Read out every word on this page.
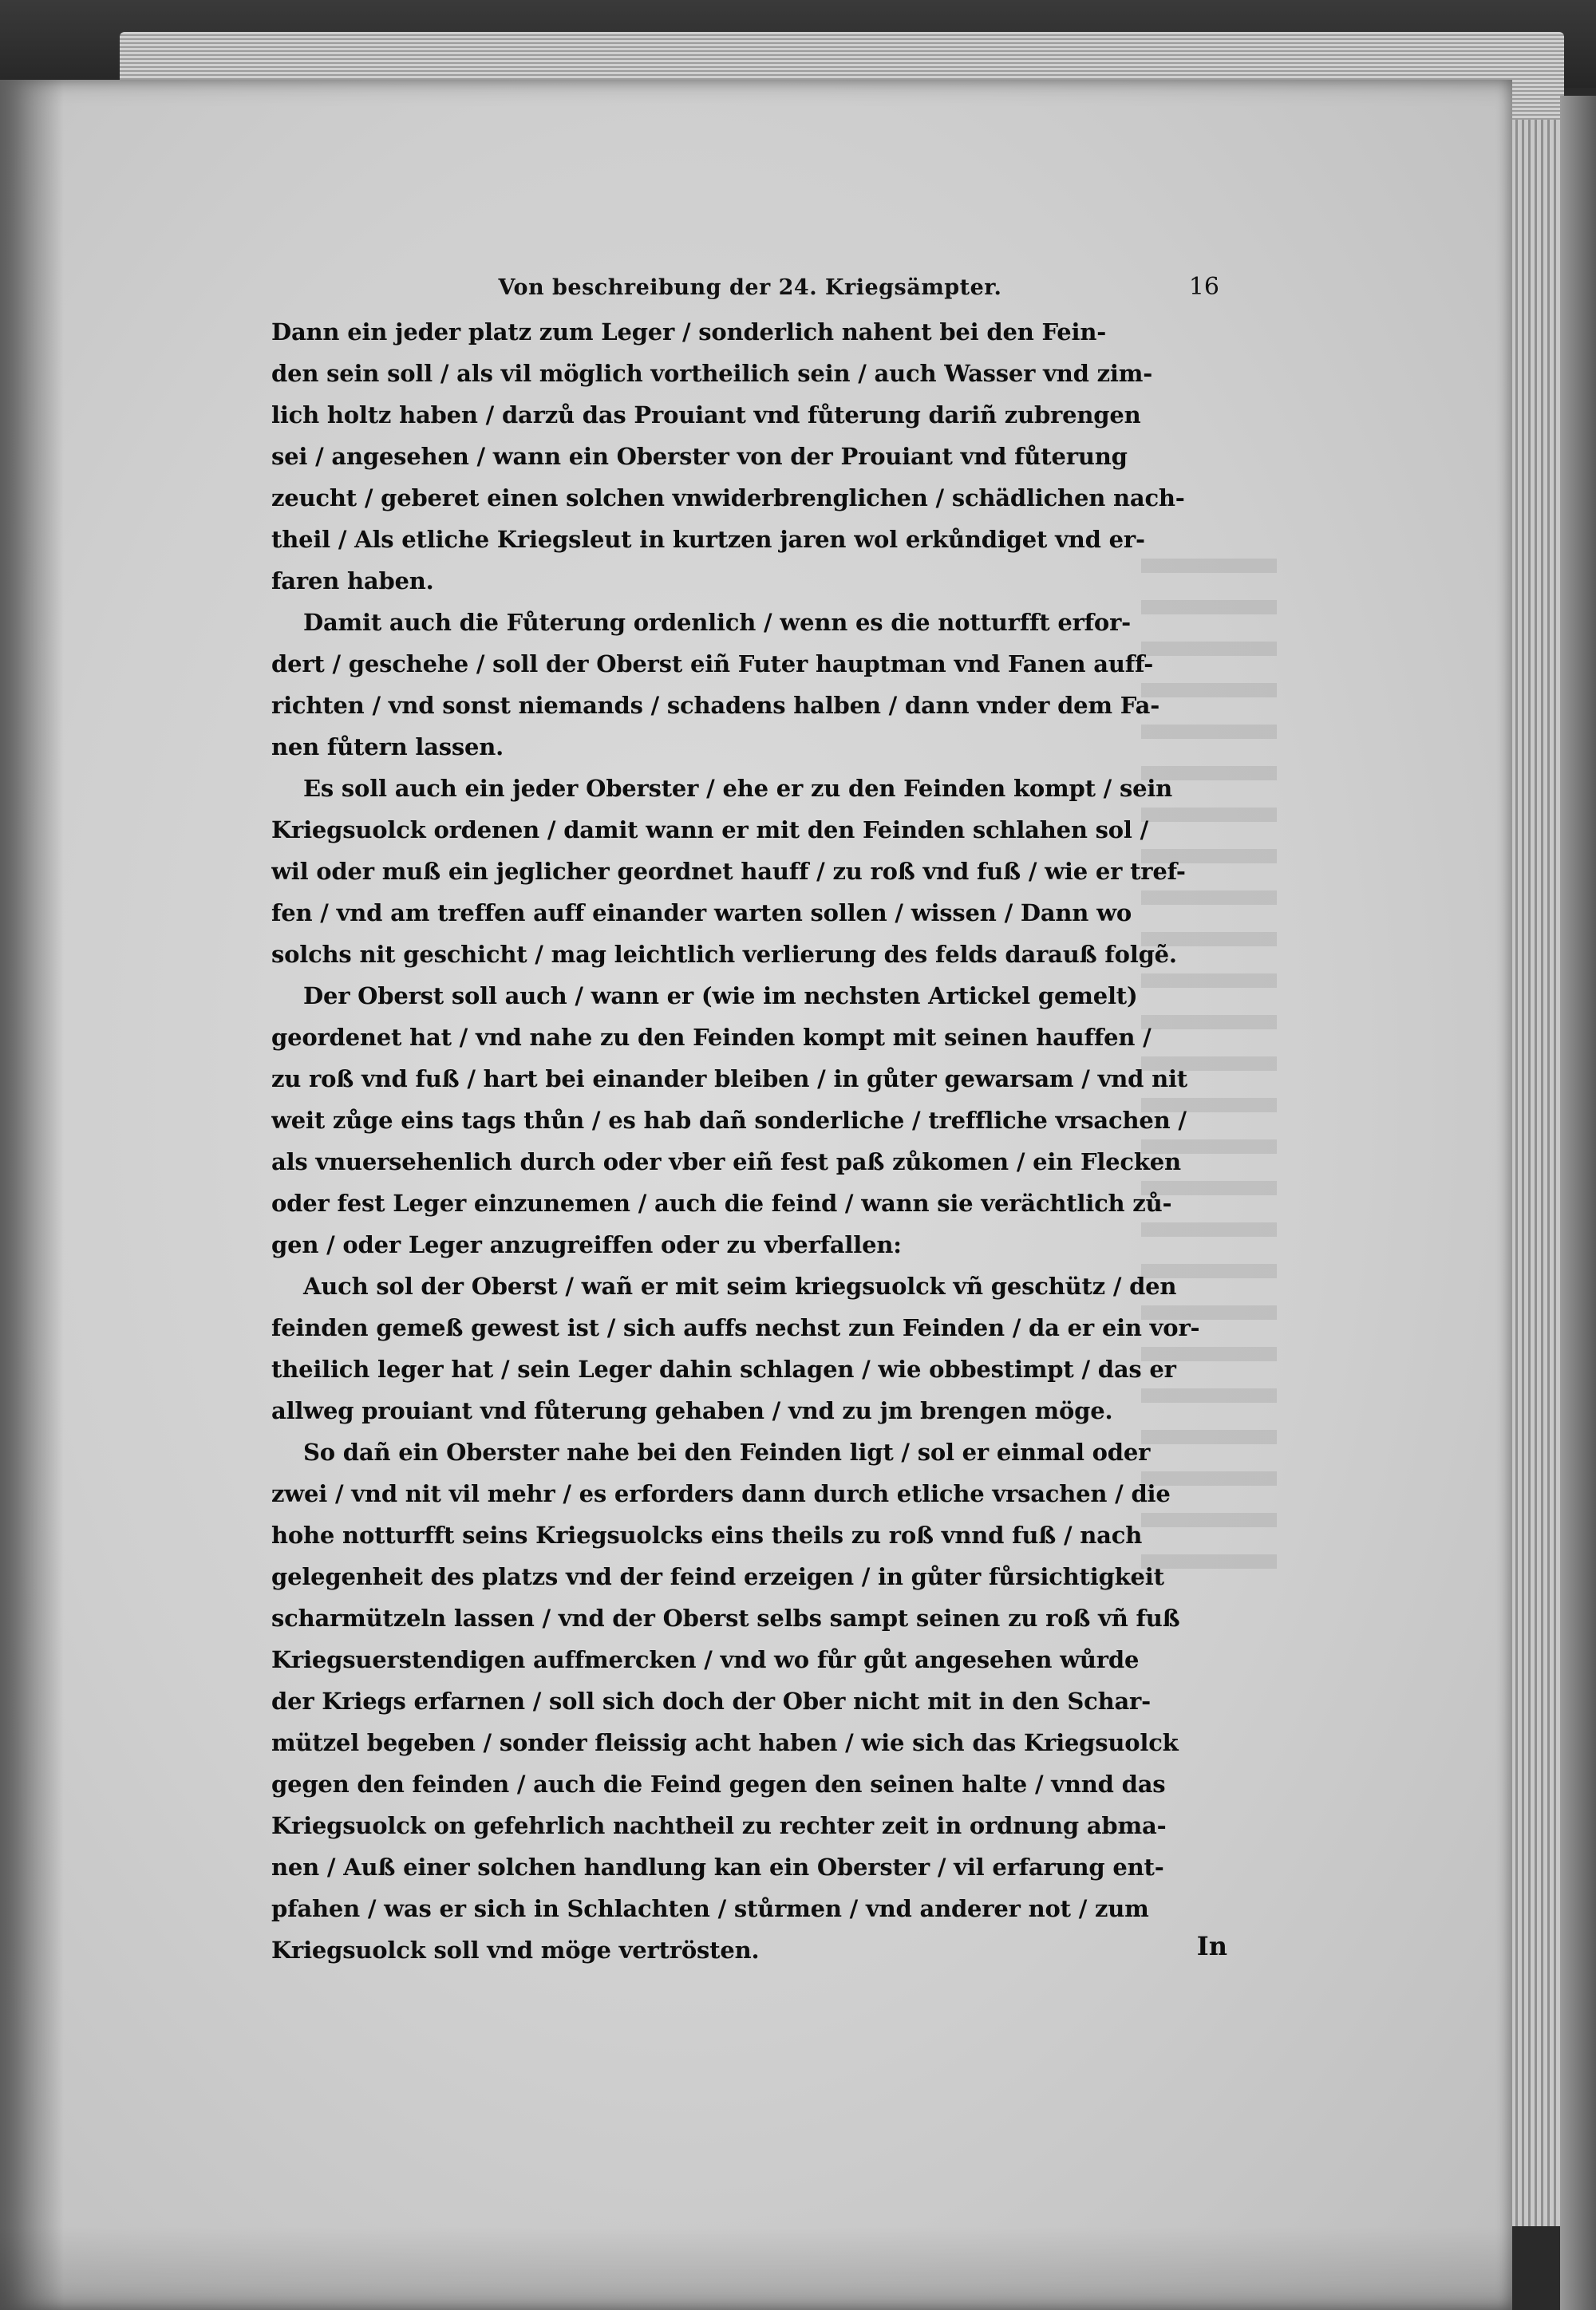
Von beschreibung der 24. Kriegsämpter.	16
Dann ein jeder platz zum Leger / sonderlich nahent bei den Fein-
den sein soll / als vil möglich vortheilich sein / auch Wasser vnd zim-
lich holtz haben / darzů das Prouiant vnd fůterung dariñ zubrengen
sei / angesehen / wann ein Oberster von der Prouiant vnd fůterung
zeucht / geberet einen solchen vnwiderbrenglichen / schädlichen nach-
theil / Als etliche Kriegsleut in kurtzen jaren wol erkůndiget vnd er-
faren haben.
Damit auch die Fůterung ordenlich / wenn es die notturfft erfor-
dert / geschehe / soll der Oberst eiñ Futer hauptman vnd Fanen auff-
richten / vnd sonst niemands / schadens halben / dann vnder dem Fa-
nen fůtern lassen.
Es soll auch ein jeder Oberster / ehe er zu den Feinden kompt / sein
Kriegsuolck ordenen / damit wann er mit den Feinden schlahen sol /
wil oder muß ein jeglicher geordnet hauff / zu roß vnd fuß / wie er tref-
fen / vnd am treffen auff einander warten sollen / wissen / Dann wo
solchs nit geschicht / mag leichtlich verlierung des felds darauß folgẽ.
Der Oberst soll auch / wann er (wie im nechsten Artickel gemelt)
geordenet hat / vnd nahe zu den Feinden kompt mit seinen hauffen /
zu roß vnd fuß / hart bei einander bleiben / in gůter gewarsam / vnd nit
weit zůge eins tags thůn / es hab dañ sonderliche / treffliche vrsachen /
als vnuersehenlich durch oder vber eiñ fest paß zůkomen / ein Flecken
oder fest Leger einzunemen / auch die feind / wann sie verächtlich zů-
gen / oder Leger anzugreiffen oder zu vberfallen:
Auch sol der Oberst / wañ er mit seim kriegsuolck vñ geschütz / den
feinden gemeß gewest ist / sich auffs nechst zun Feinden / da er ein vor-
theilich leger hat / sein Leger dahin schlagen / wie obbestimpt / das er
allweg prouiant vnd fůterung gehaben / vnd zu jm brengen möge.
So dañ ein Oberster nahe bei den Feinden ligt / sol er einmal oder
zwei / vnd nit vil mehr / es erforders dann durch etliche vrsachen / die
hohe notturfft seins Kriegsuolcks eins theils zu roß vnnd fuß / nach
gelegenheit des platzs vnd der feind erzeigen / in gůter fůrsichtigkeit
scharmützeln lassen / vnd der Oberst selbs sampt seinen zu roß vñ fuß
Kriegsuerstendigen auffmercken / vnd wo fůr gůt angesehen wůrde
der Kriegs erfarnen / soll sich doch der Ober nicht mit in den Schar-
mützel begeben / sonder fleissig acht haben / wie sich das Kriegsuolck
gegen den feinden / auch die Feind gegen den seinen halte / vnnd das
Kriegsuolck on gefehrlich nachtheil zu rechter zeit in ordnung abma-
nen / Auß einer solchen handlung kan ein Oberster / vil erfarung ent-
pfahen / was er sich in Schlachten / stůrmen / vnd anderer not / zum
Kriegsuolck soll vnd möge vertrösten.	In
